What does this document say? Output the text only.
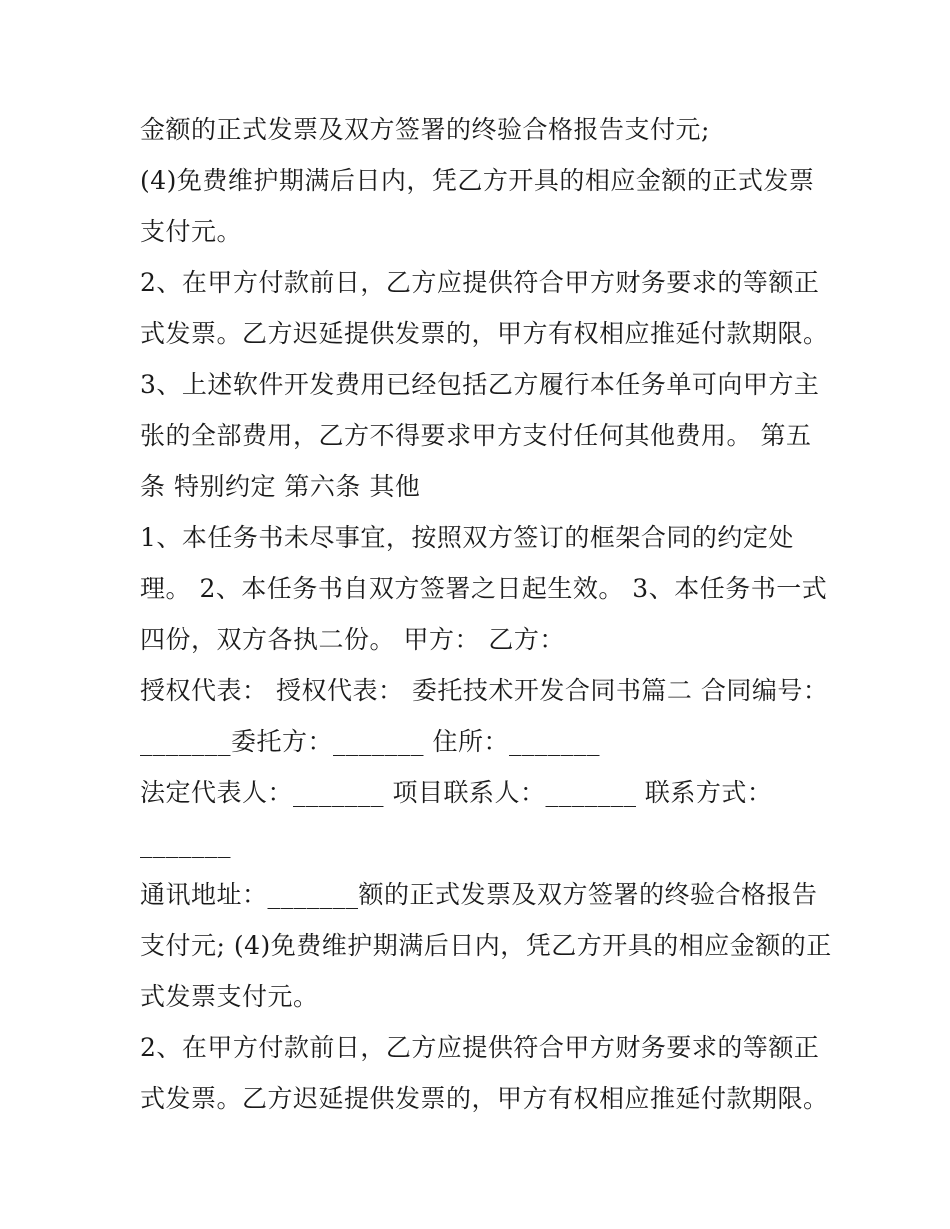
金额的正式发票及双方签署的终验合格报告支付元;

(4)免费维护期满后日内，凭乙方开具的相应金额的正式发票

支付元。

2、在甲方付款前日，乙方应提供符合甲方财务要求的等额正

式发票。乙方迟延提供发票的，甲方有权相应推延付款期限。

3、上述软件开发费用已经包括乙方履行本任务单可向甲方主

张的全部费用，乙方不得要求甲方支付任何其他费用。 第五

条 特别约定 第六条 其他

1、本任务书未尽事宜，按照双方签订的框架合同的约定处

理。 2、本任务书自双方签署之日起生效。 3、本任务书一式

四份，双方各执二份。 甲方： 乙方：

授权代表： 授权代表： 委托技术开发合同书篇二 合同编号：

_______委托方：_______ 住所：_______

法定代表人：_______ 项目联系人：_______ 联系方式：

_______

通讯地址：_______额的正式发票及双方签署的终验合格报告

支付元; (4)免费维护期满后日内，凭乙方开具的相应金额的正

式发票支付元。

2、在甲方付款前日，乙方应提供符合甲方财务要求的等额正

式发票。乙方迟延提供发票的，甲方有权相应推延付款期限。
